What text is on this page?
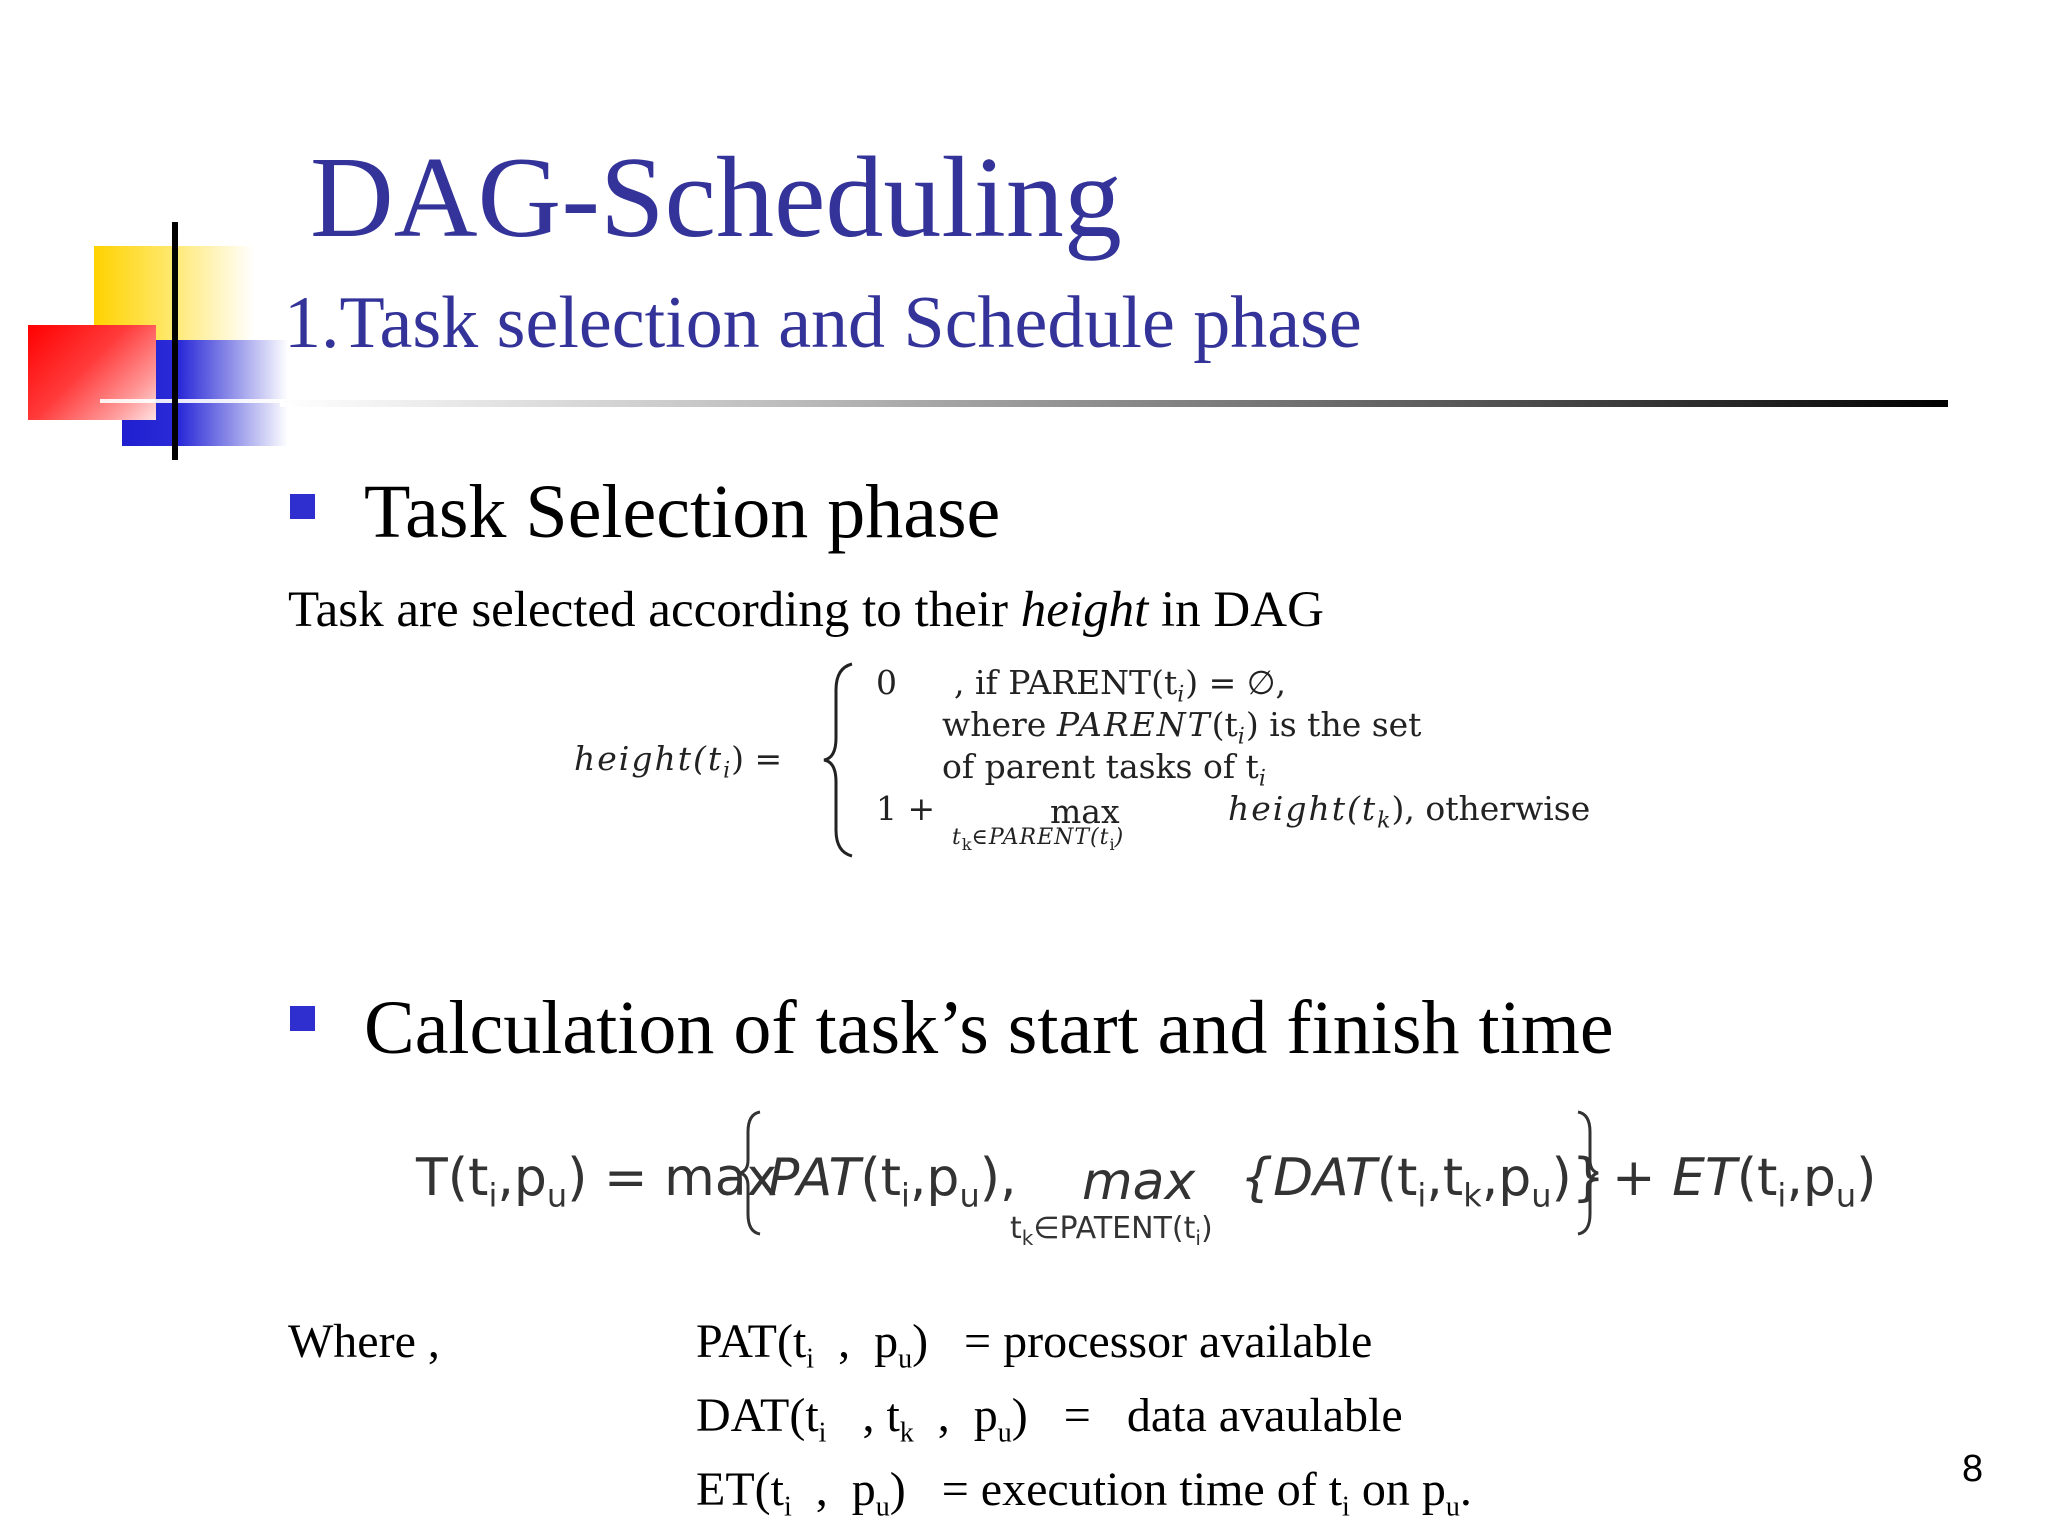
DAG-Scheduling
1.Task selection and Schedule phase
Task Selection phase
Task are selected according to their height in DAG
$height(t_i)$ =
0 , if $PARENT(t_i)$ = ∅,
where $PARENT(t_i)$ is the set
of parent tasks of $t_i$
1 +	max
$t_k\in PARENT(t_i)$
$height(t_k)$, otherwise
Calculation of task’s start and finish time
$T(t_i,p_u) = \max$
$PAT(t_i,p_u)$, max
$t_k\in PATENT(t_i)$
$\{DAT(t_i,t_k,p_u)\} + ET(t_i,p_u)$
Where ,	$PAT(t_i$  ,  $p_u$)   = processor available
$DAT(t_i$   , $t_k$  ,  $p_u$)   =   data avaulable
$ET(t_i$  ,  $p_u$)   = execution time of $t_i$ on $p_u$.	8
